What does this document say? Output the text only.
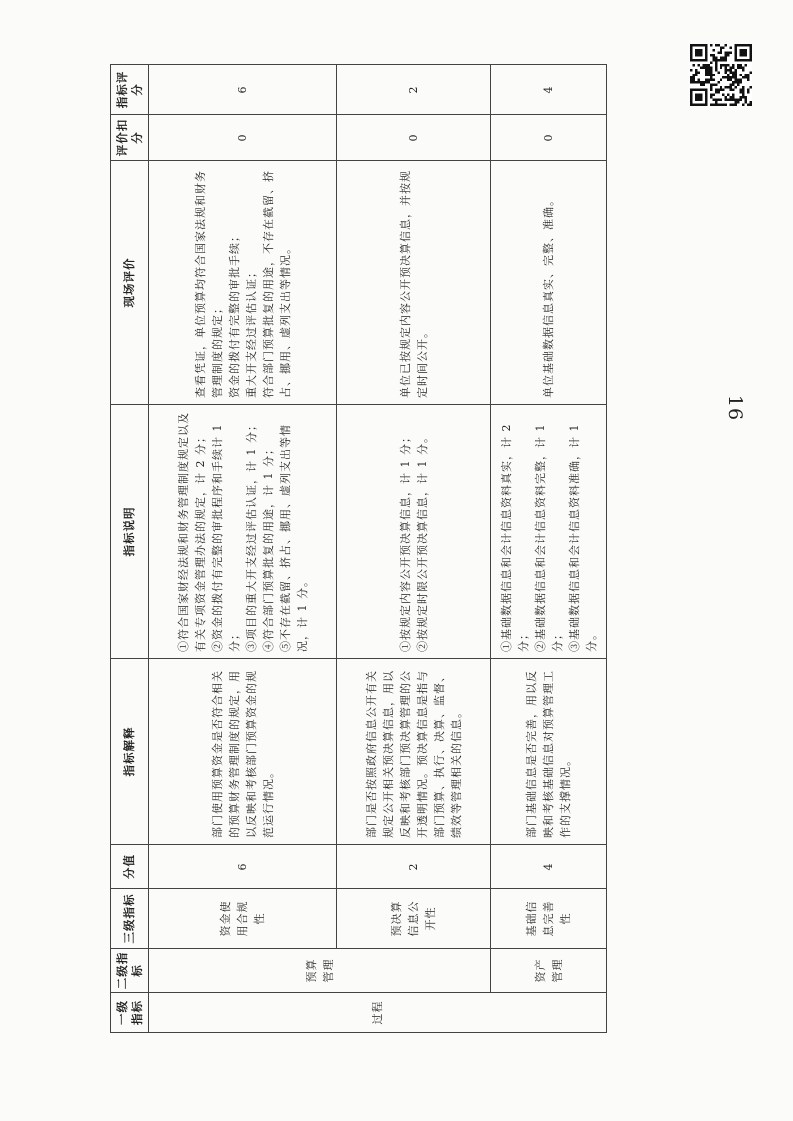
一级指标	二级指标	三级指标	分值	指标解释	指标说明	现场评价	评价扣分	指标评分
过程	预算管理	资金使用合规性	6	部门使用预算资金是否符合相关的预算财务管理制度的规定，用以反映和考核部门预算资金的规范运行情况。	①符合国家财经法规和财务管理制度规定以及有关专项资金管理办法的规定，计 2 分； ②资金的拨付有完整的审批程序和手续计 1 分； ③项目的重大开支经过评估认证，计 1 分； ④符合部门预算批复的用途，计 1 分； ⑤不存在截留、挤占、挪用、虚列支出等情况，计 1 分。	查看凭证，单位预算均符合国家法规和财务管理制度的规定； 资金的拨付有完整的审批手续； 重大开支经过评估认证； 符合部门预算批复的用途，不存在截留、挤占、挪用、虚列支出等情况。	0	6
		预决算信息公开性	2	部门是否按照政府信息公开有关规定公开相关预决算信息，用以反映和考核部门预决算管理的公开透明情况。预决算信息是指与部门预算、执行、决算、监督、绩效等管理相关的信息。	①按规定内容公开预决算信息，计 1 分； ②按规定时限公开预决算信息，计 1 分。	单位已按规定内容公开预决算信息，并按规定时间公开。	0	2
	资产管理	基础信息完善性	4	部门基础信息是否完善，用以反映和考核基础信息对预算管理工作的支撑情况。	①基础数据信息和会计信息资料真实，计 2 分； ②基础数据信息和会计信息资料完整，计 1 分； ③基础数据信息和会计信息资料准确，计 1 分。	单位基础数据信息真实、完整、准确。	0	4
16
